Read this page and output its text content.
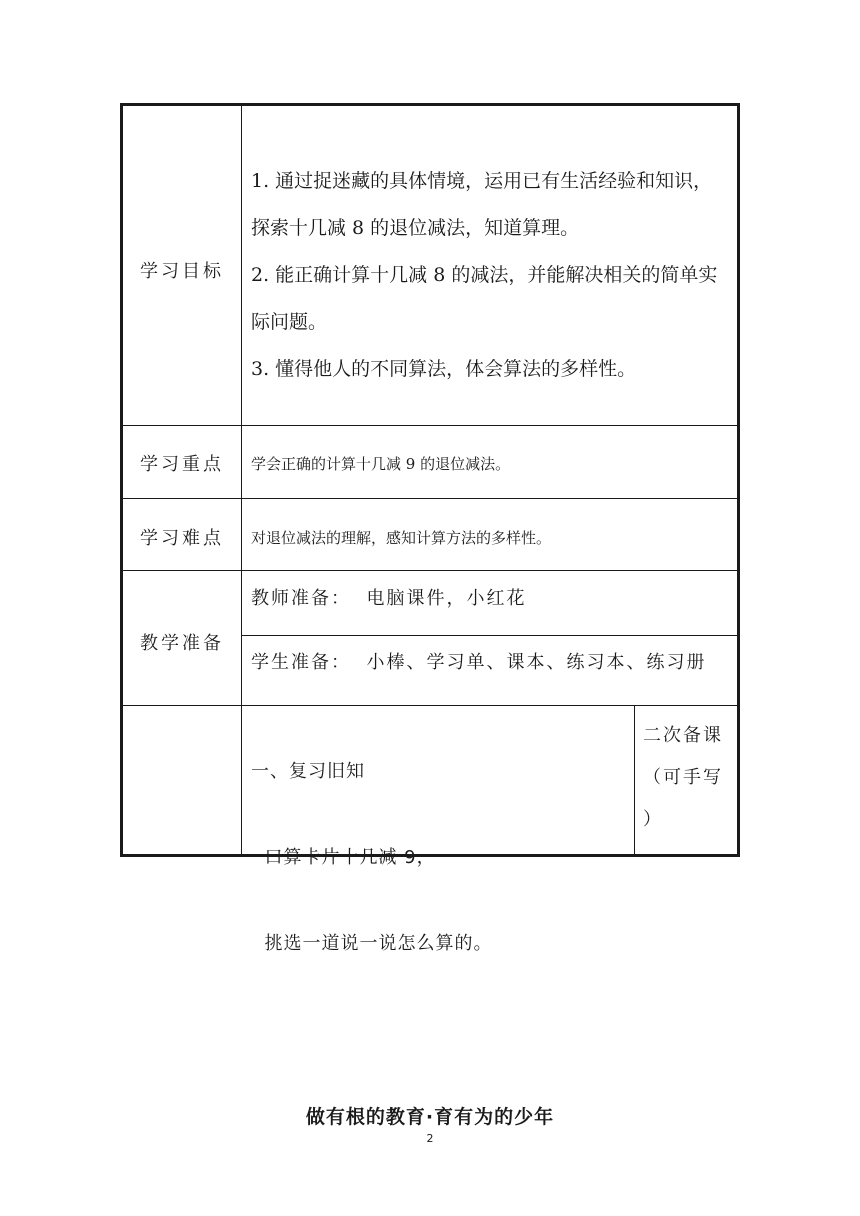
学习目标

1. 通过捉迷藏的具体情境，运用已有生活经验和知识，

探索十几减 8 的退位减法，知道算理。

2. 能正确计算十几减 8 的减法，并能解决相关的简单实

际问题。

3. 懂得他人的不同算法，体会算法的多样性。

学习重点	学会正确的计算十几减 9 的退位减法。
学习难点	对退位减法的理解，感知计算方法的多样性。
教学准备
教师准备：  电脑课件，小红花
学生准备：  小棒、学习单、课本、练习本、练习册

一、复习旧知

口算卡片十几减 9，

挑选一道说一说怎么算的。

二次备课
（可手写
）
做有根的教育·育有为的少年
2
